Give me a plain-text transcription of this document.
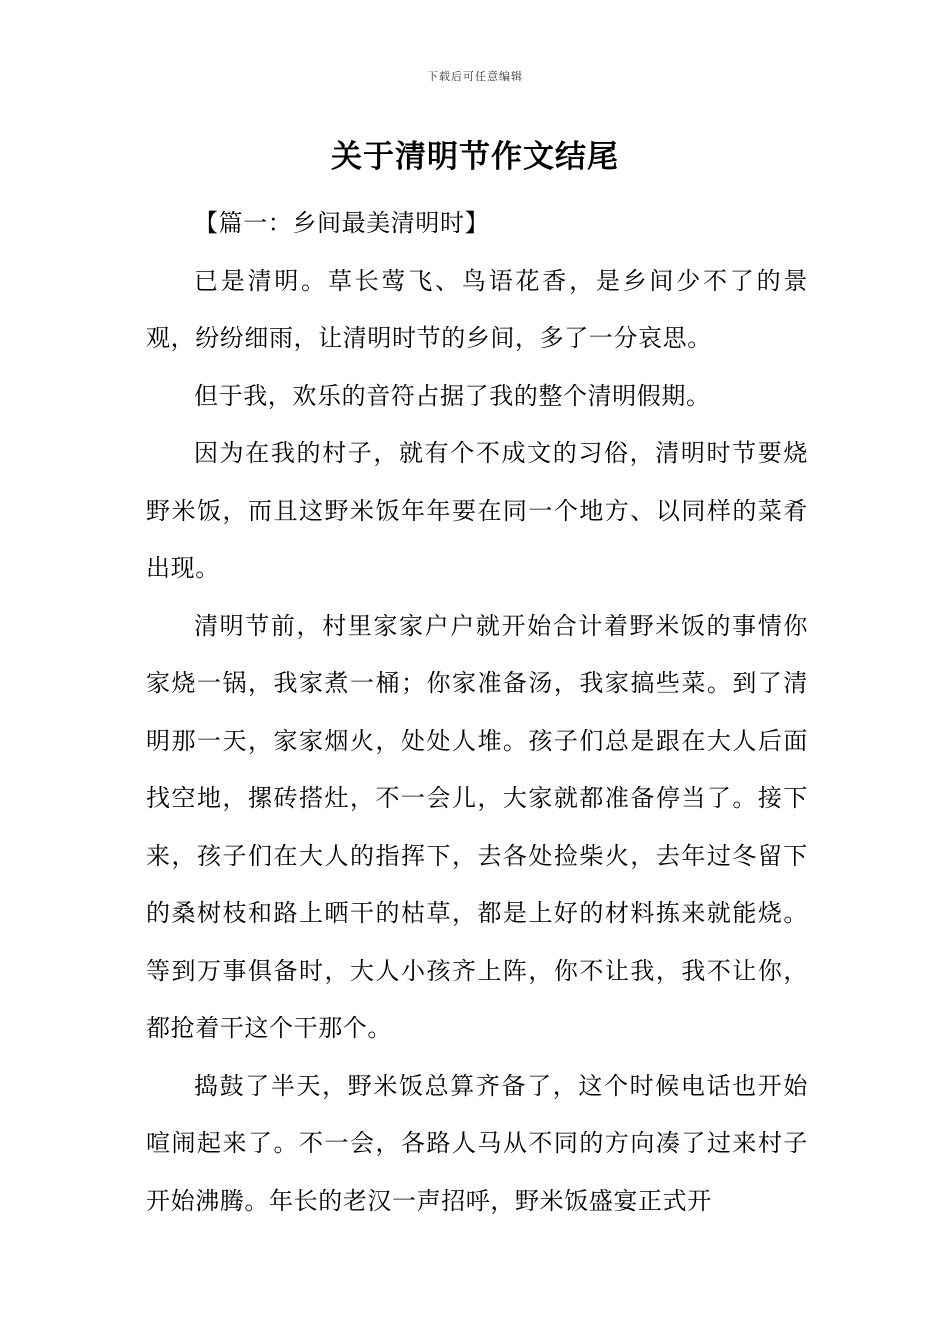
下载后可任意编辑
关于清明节作文结尾

【篇一：乡间最美清明时】

已是清明。草长莺飞、鸟语花香，是乡间少不了的景观，纷纷细雨，让清明时节的乡间，多了一分哀思。

但于我，欢乐的音符占据了我的整个清明假期。

因为在我的村子，就有个不成文的习俗，清明时节要烧野米饭，而且这野米饭年年要在同一个地方、以同样的菜肴出现。

清明节前，村里家家户户就开始合计着野米饭的事情你家烧一锅，我家煮一桶；你家准备汤，我家搞些菜。到了清明那一天，家家烟火，处处人堆。孩子们总是跟在大人后面找空地，摞砖搭灶，不一会儿，大家就都准备停当了。接下来，孩子们在大人的指挥下，去各处捡柴火，去年过冬留下的桑树枝和路上晒干的枯草，都是上好的材料拣来就能烧。等到万事俱备时，大人小孩齐上阵，你不让我，我不让你，都抢着干这个干那个。

捣鼓了半天，野米饭总算齐备了，这个时候电话也开始喧闹起来了。不一会，各路人马从不同的方向凑了过来村子开始沸腾。年长的老汉一声招呼，野米饭盛宴正式开
